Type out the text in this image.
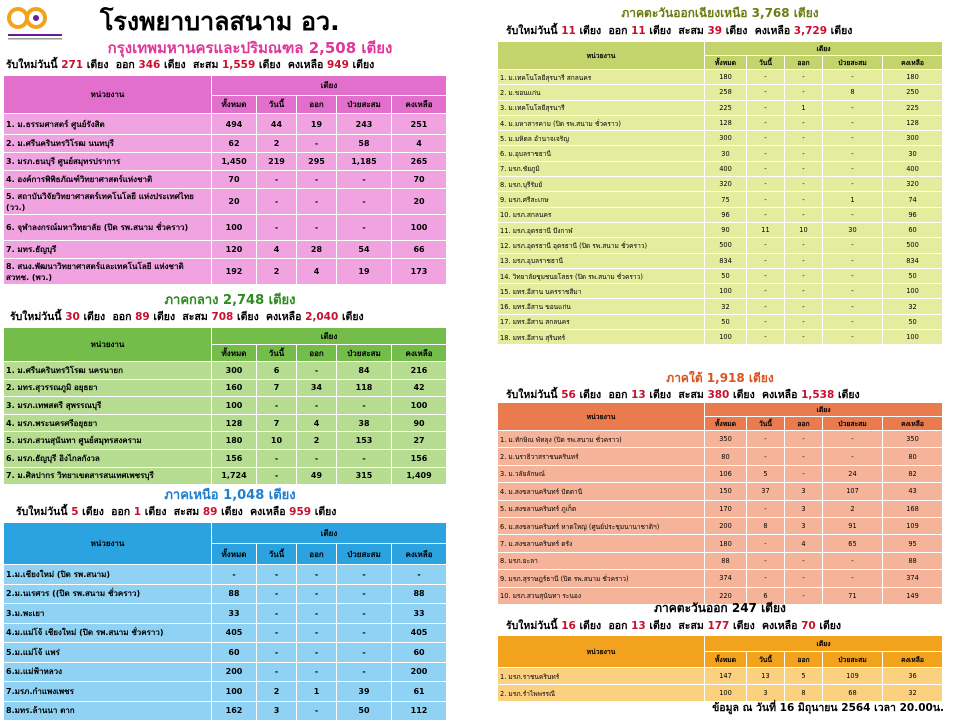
โรงพยาบาลสนาม อว.
กรุงเทพมหานครและปริมณฑล 2,508 เตียง
รับใหม่วันนี้ 271 เตียง ออก 346 เตียง สะสม 1,559 เตียง คงเหลือ 949 เตียง
หน่วยงาน	เตียง				
	ทั้งหมด	วันนี้	ออก	ป่วยสะสม	คงเหลือ
1. ม.ธรรมศาสตร์ ศูนย์รังสิต	494	44	19	243	251
2. ม.ศรีนครินทรวิโรฒ นนทบุรี	62	2	-	58	4
3. มรภ.ธนบุรี ศูนย์สมุทรปราการ	1,450	219	295	1,185	265
4. องค์การพิพิธภัณฑ์วิทยาศาสตร์แห่งชาติ	70	-	-	-	70
5. สถาบันวิจัยวิทยาศาสตร์เทคโนโลยี แห่งประเทศไทย (วว.)	20	-	-	-	20
6. จุฬาลงกรณ์มหาวิทยาลัย (ปิด รพ.สนาม ชั่วคราว)	100	-	-	-	100
7. มทร.ธัญบุรี	120	4	28	54	66
8. สนง.พัฒนาวิทยาศาสตร์และเทคโนโลยี แห่งชาติ สวทช. (พว.)	192	2	4	19	173
ภาคกลาง 2,748 เตียง
รับใหม่วันนี้ 30 เตียง ออก 89 เตียง สะสม 708 เตียง คงเหลือ 2,040 เตียง
หน่วยงาน	เตียง				
	ทั้งหมด	วันนี้	ออก	ป่วยสะสม	คงเหลือ
1. ม.ศรีนครินทรวิโรฒ นครนายก	300	6	-	84	216
2. มทร.สุวรรณภูมิ อยุธยา	160	7	34	118	42
3. มรภ.เทพสตรี สุพรรณบุรี	100	-	-	-	100
4. มรภ.พระนครศรีอยุธยา	128	7	4	38	90
5. มรภ.สวนสุนันทา ศูนย์สมุทรสงคราม	180	10	2	153	27
6. มรภ.ธัญบุรี อิงไกลกังวล	156	-	-	-	156
7. ม.ศิลปากร วิทยาเขตสารสนเทศเพชรบุรี	1,724	-	49	315	1,409
ภาคเหนือ 1,048 เตียง
รับใหม่วันนี้ 5 เตียง ออก 1 เตียง สะสม 89 เตียง คงเหลือ 959 เตียง
หน่วยงาน	เตียง				
	ทั้งหมด	วันนี้	ออก	ป่วยสะสม	คงเหลือ
1.ม.เชียงใหม่ (ปิด รพ.สนาม)	-	-	-	-	-
2.ม.นเรศวร ((ปิด รพ.สนาม ชั่วคราว)	88	-	-	-	88
3.ม.พะเยา	33	-	-	-	33
4.ม.แม่โจ้ เชียงใหม่ (ปิด รพ.สนาม ชั่วคราว)	405	-	-	-	405
5.ม.แม่โจ้ แพร่	60	-	-	-	60
6.ม.แม่ฟ้าหลวง	200	-	-	-	200
7.มรภ.กำแพงเพชร	100	2	1	39	61
8.มทร.ล้านนา ตาก	162	3	-	50	112
ภาคตะวันออกเฉียงเหนือ 3,768 เตียง
รับใหม่วันนี้ 11 เตียง ออก 11 เตียง สะสม 39 เตียง คงเหลือ 3,729 เตียง
หน่วยงาน	เตียง				
	ทั้งหมด	วันนี้	ออก	ป่วยสะสม	คงเหลือ
1. ม.เทคโนโลยีสุรนารี สกลนคร	180	-	-	-	180
2. ม.ขอนแก่น	258	-	-	8	250
3. ม.เทคโนโลยีสุรนารี	225	-	1	-	225
4. ม.มหาสารคาม (ปิด รพ.สนาม ชั่วคราว)	128	-	-	-	128
5. ม.มหิดล อำนาจเจริญ	300	-	-	-	300
6. ม.อุบลราชธานี	30	-	-	-	30
7. มรภ.ชัยภูมิ	400	-	-	-	400
8. มรภ.บุรีรัมย์	320	-	-	-	320
9. มรภ.ศรีสะเกษ	75	-	-	1	74
10. มรภ.สกลนคร	96	-	-	-	96
11. มรภ.อุดรธานี บึงกาฬ	90	11	10	30	60
12. มรภ.อุดรธานี อุดรธานี (ปิด รพ.สนาม ชั่วคราว)	500	-	-	-	500
13. มรภ.อุบลราชธานี	834	-	-	-	834
14. วิทยาลัยชุมชนยโสธร (ปิด รพ.สนาม ชั่วคราว)	50	-	-	-	50
15. มทร.อีสาน นครราชสีมา	100	-	-	-	100
16. มทร.อีสาน ขอนแก่น	32	-	-	-	32
17. มทร.อีสาน สกลนคร	50	-	-	-	50
18. มทร.อีสาน สุรินทร์	100	-	-	-	100
ภาคใต้ 1,918 เตียง
รับใหม่วันนี้ 56 เตียง ออก 13 เตียง สะสม 380 เตียง คงเหลือ 1,538 เตียง
หน่วยงาน	เตียง				
	ทั้งหมด	วันนี้	ออก	ป่วยสะสม	คงเหลือ
1. ม.ทักษิณ พัทลุง (ปิด รพ.สนาม ชั่วคราว)	350	-	-	-	350
2. ม.นราธิวาสราชนครินทร์	80	-	-	-	80
3. ม.วลัยลักษณ์	106	5	-	24	82
4. ม.สงขลานครินทร์ ปัตตานี	150	37	3	107	43
5. ม.สงขลานครินทร์ ภูเก็ต	170	-	3	2	168
6. ม.สงขลานครินทร์ หาดใหญ่ (ศูนย์ประชุมนานาชาติฯ)	200	8	3	91	109
7. ม.สงขลานครินทร์ ตรัง	180	-	4	65	95
8. มรภ.ยะลา	88	-	-	-	88
9. มรภ.สุราษฎร์ธานี (ปิด รพ.สนาม ชั่วคราว)	374	-	-	-	374
10. มรภ.สวนสุนันทา ระนอง	220	6	-	71	149
ภาคตะวันออก 247 เตียง
รับใหม่วันนี้ 16 เตียง ออก 13 เตียง สะสม 177 เตียง คงเหลือ 70 เตียง
หน่วยงาน	เตียง				
	ทั้งหมด	วันนี้	ออก	ป่วยสะสม	คงเหลือ
1. มรภ.ราชนครินทร์	147	13	5	109	36
2. มรภ.รำไพพรรณี	100	3	8	68	32
ข้อมูล ณ วันที่ 16 มิถุนายน 2564 เวลา 20.00น.
